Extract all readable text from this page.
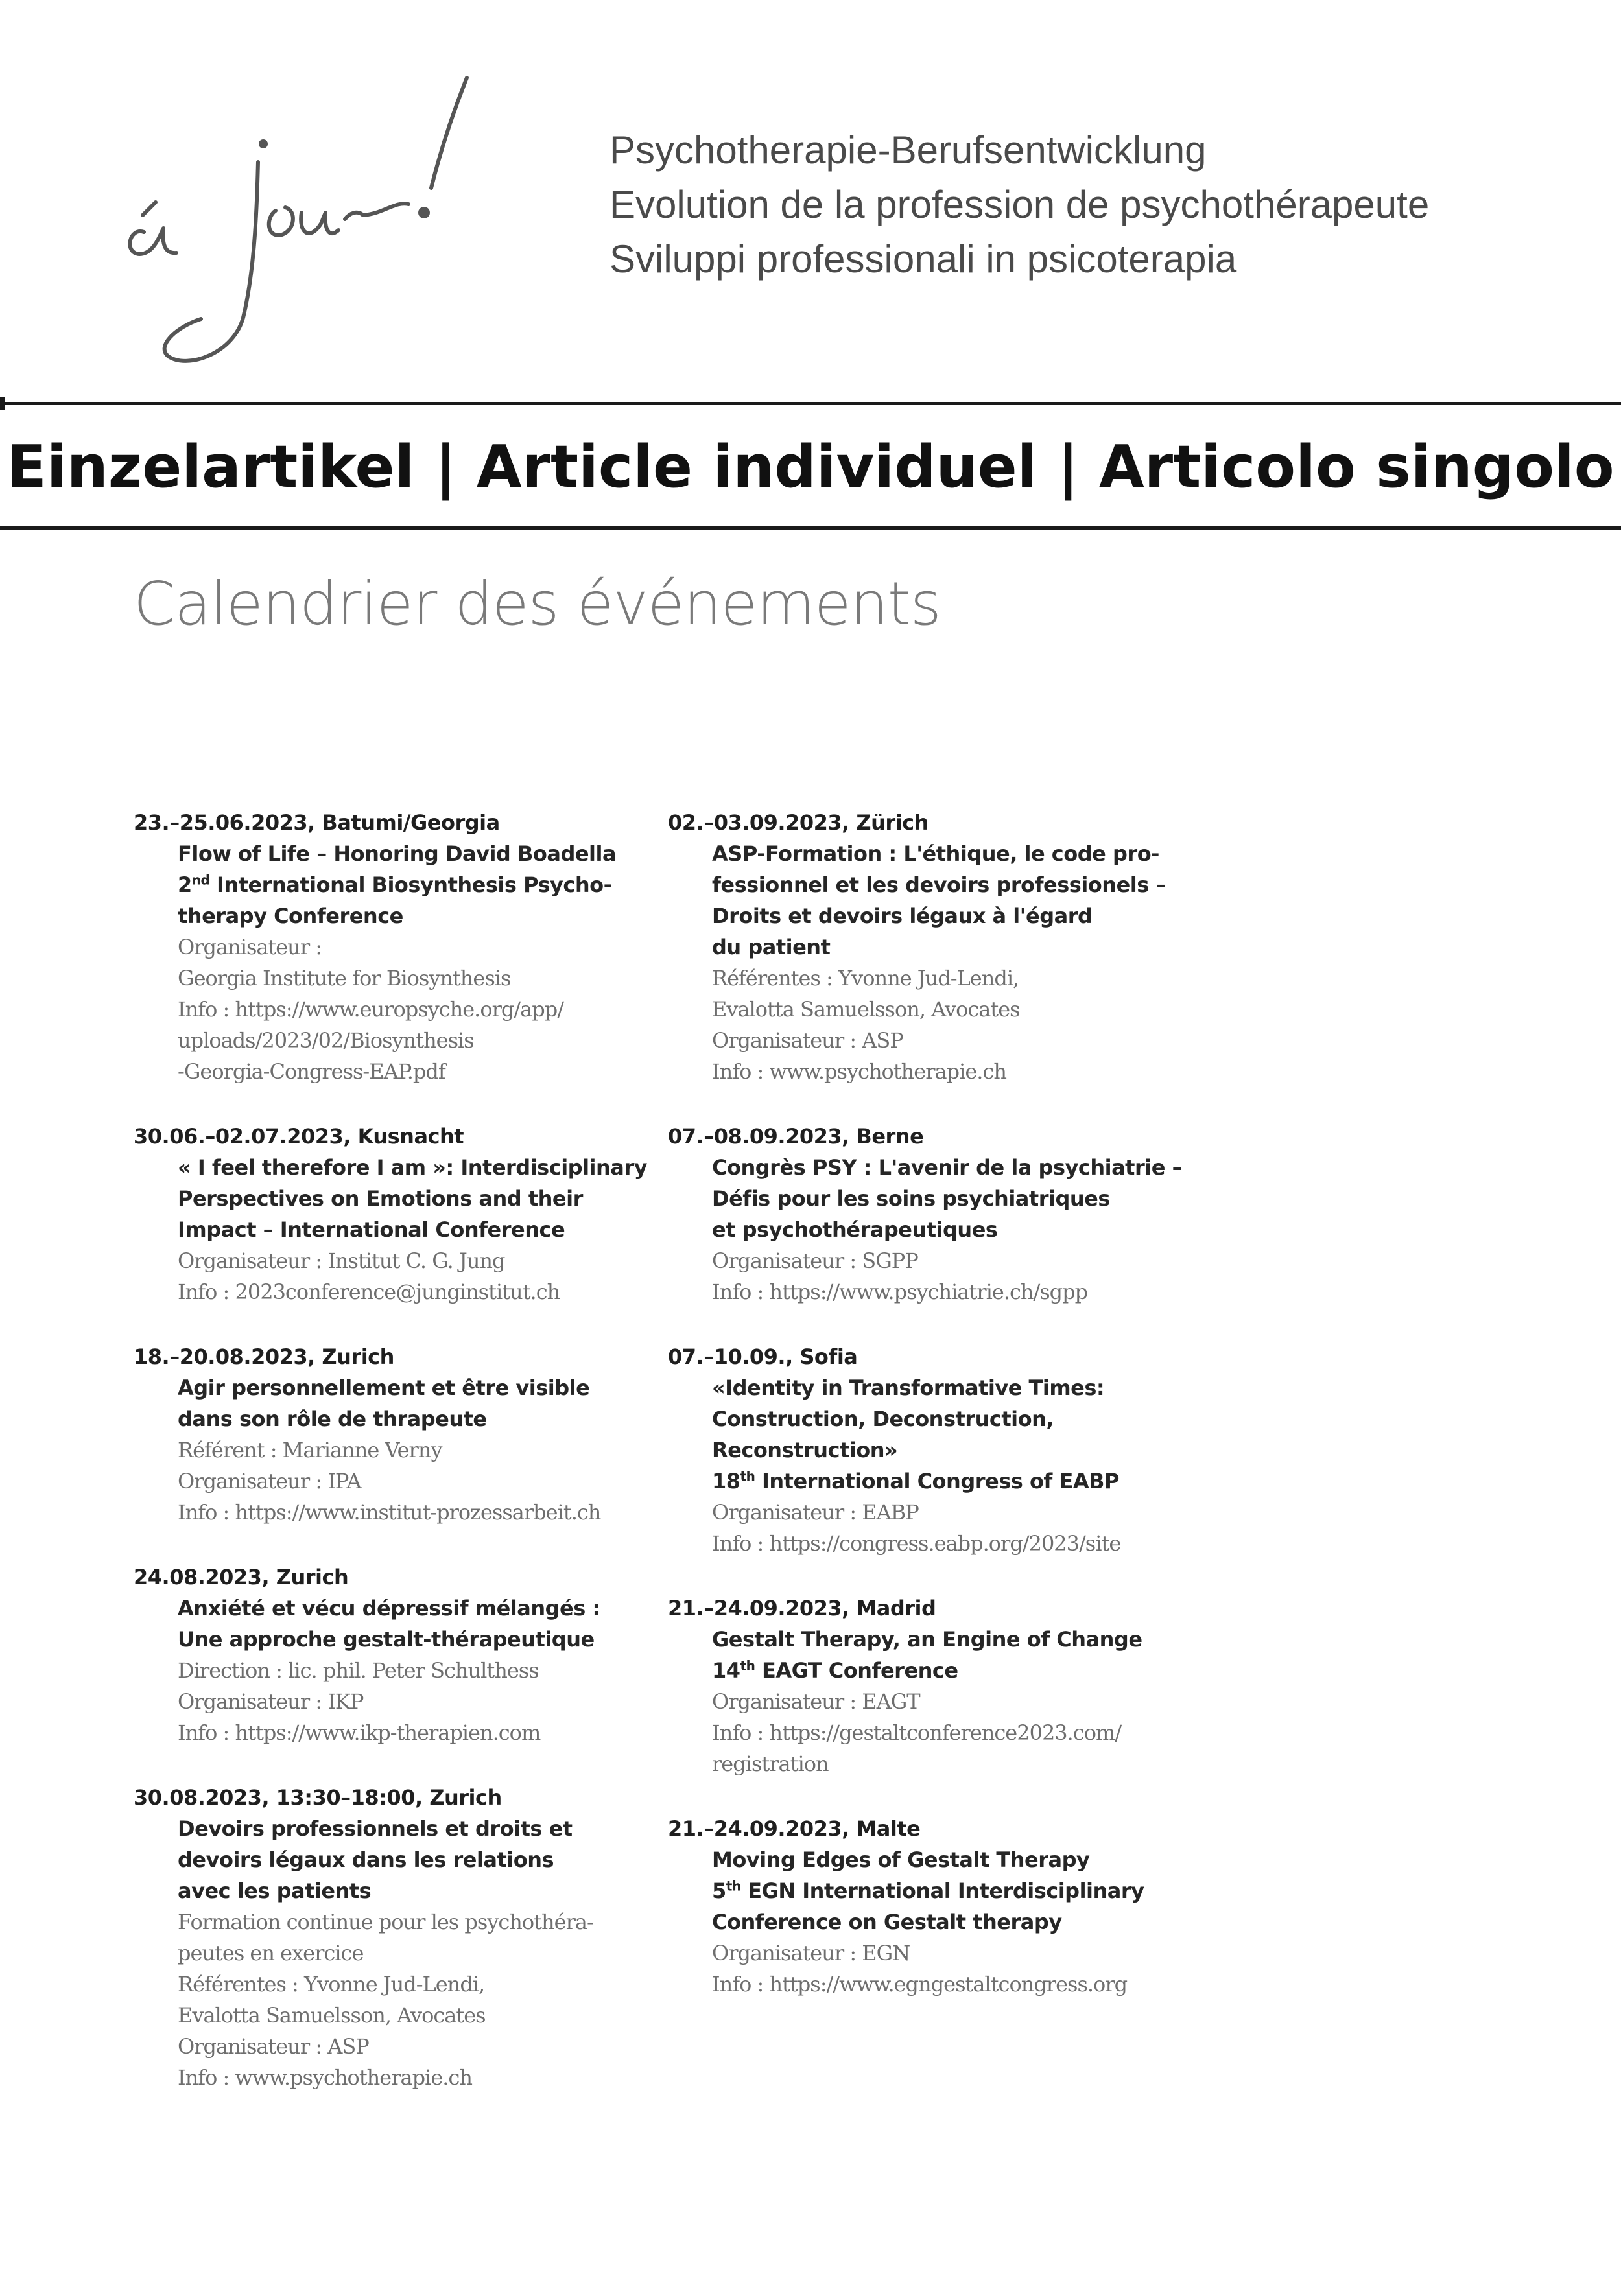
Psychotherapie-Berufsentwicklung
Evolution de la profession de psychothérapeute
Sviluppi professionali in psicoterapia
Einzelartikel | Article individuel | Articolo singolo
Calendrier des événements
23.–25.06.2023, Batumi/Georgia
Flow of Life – Honoring David Boadella
2nd International Biosynthesis Psycho-
therapy Conference
Organisateur :
Georgia Institute for Biosynthesis
Info : https://www.europsyche.org/app/
uploads/2023/02/Biosynthesis
-Georgia-Congress-EAP.pdf
30.06.–02.07.2023, Kusnacht
« I feel therefore I am »: Interdisciplinary
Perspectives on Emotions and their
Impact – International Conference
Organisateur : Institut C. G. Jung
Info : 2023conference@junginstitut.ch
18.–20.08.2023, Zurich
Agir personnellement et être visible
dans son rôle de thrapeute
Référent : Marianne Verny
Organisateur : IPA
Info : https://www.institut-prozessarbeit.ch
24.08.2023, Zurich
Anxiété et vécu dépressif mélangés :
Une approche gestalt-thérapeutique
Direction : lic. phil. Peter Schulthess
Organisateur : IKP
Info : https://www.ikp-therapien.com
30.08.2023, 13:30–18:00, Zurich
Devoirs professionnels et droits et
devoirs légaux dans les relations
avec les patients
Formation continue pour les psychothéra-
peutes en exercice
Référentes : Yvonne Jud-Lendi,
Evalotta Samuelsson, Avocates
Organisateur : ASP
Info : www.psychotherapie.ch
02.–03.09.2023, Zürich
ASP-Formation : L'éthique, le code pro-
fessionnel et les devoirs professionels –
Droits et devoirs légaux à l'égard
du patient
Référentes : Yvonne Jud-Lendi,
Evalotta Samuelsson, Avocates
Organisateur : ASP
Info : www.psychotherapie.ch
07.–08.09.2023, Berne
Congrès PSY : L'avenir de la psychiatrie –
Défis pour les soins psychiatriques
et psychothérapeutiques
Organisateur : SGPP
Info : https://www.psychiatrie.ch/sgpp
07.–10.09., Sofia
«Identity in Transformative Times:
Construction, Deconstruction,
Reconstruction»
18th International Congress of EABP
Organisateur : EABP
Info : https://congress.eabp.org/2023/site
21.–24.09.2023, Madrid
Gestalt Therapy, an Engine of Change
14th EAGT Conference
Organisateur : EAGT
Info : https://gestaltconference2023.com/
registration
21.–24.09.2023, Malte
Moving Edges of Gestalt Therapy
5th EGN International Interdisciplinary
Conference on Gestalt therapy
Organisateur : EGN
Info : https://www.egngestaltcongress.org
